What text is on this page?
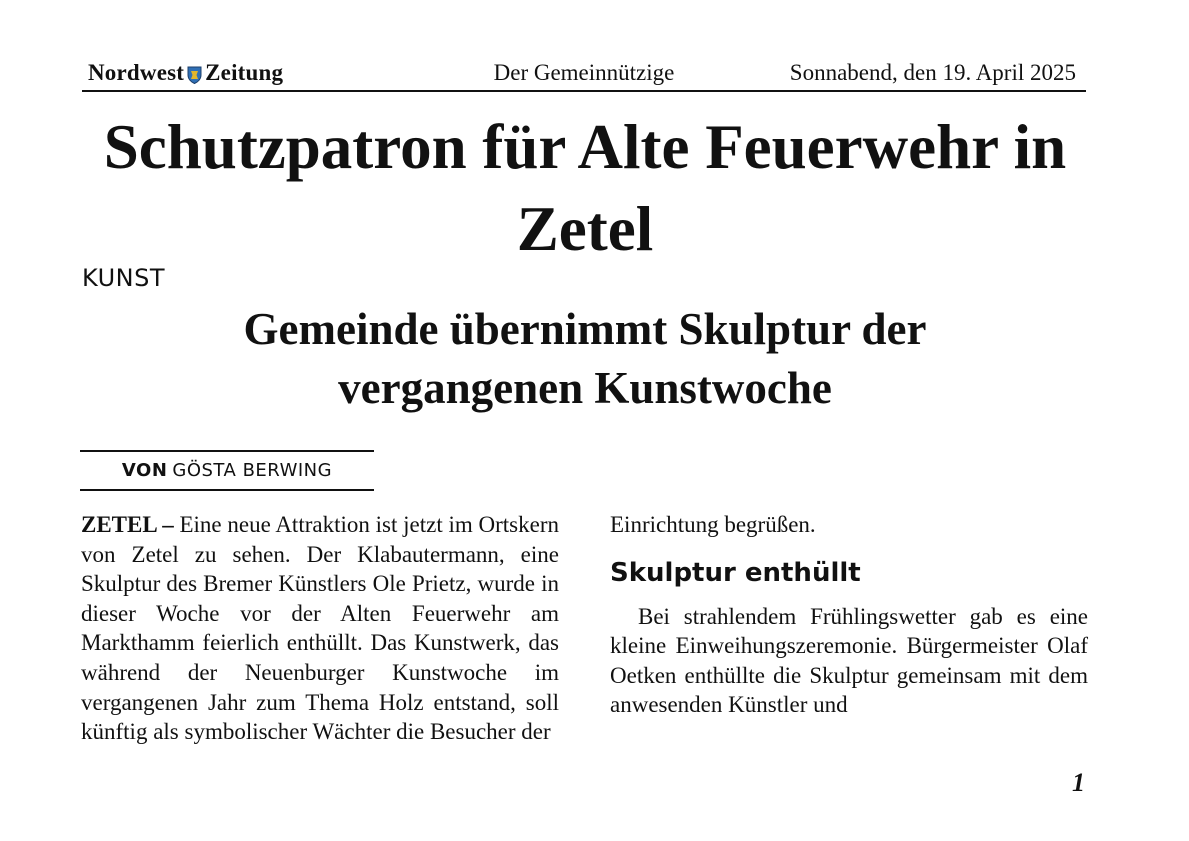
Nordwest Zeitung	Der Gemeinnützige	Sonnabend, den 19. April 2025
Schutzpatron für Alte Feuerwehr in Zetel
KUNST
Gemeinde übernimmt Skulptur der vergangenen Kunstwoche
VON GÖSTA BERWING

ZETEL – Eine neue Attraktion ist jetzt im Ortskern von Zetel zu sehen. Der Klabautermann, eine Skulptur des Bremer Künstlers Ole Prietz, wurde in dieser Woche vor der Alten Feuerwehr am Markthamm feierlich enthüllt. Das Kunstwerk, das während der Neuenburger Kunstwoche im vergangenen Jahr zum Thema Holz entstand, soll künftig als symbolischer Wächter die Besucher der

Einrichtung begrüßen.

Skulptur enthüllt

Bei strahlendem Frühlingswetter gab es eine kleine Einweihungszeremonie. Bürgermeister Olaf Oetken enthüllte die Skulptur gemeinsam mit dem anwesenden Künstler und

1
